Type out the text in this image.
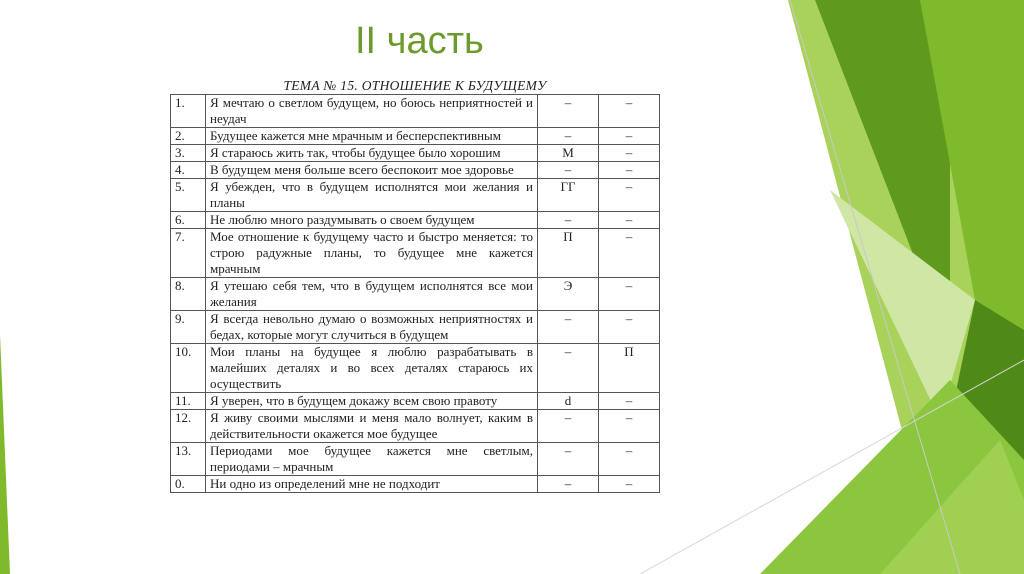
II часть
ТЕМА № 15. ОТНОШЕНИЕ К БУДУЩЕМУ
1.	Я мечтаю о светлом будущем, но боюсь неприятностей и неудач	–	–
2.	Будущее кажется мне мрачным и бесперспективным	–	–
3.	Я стараюсь жить так, чтобы будущее было хорошим	М	–
4.	В будущем меня больше всего беспокоит мое здоровье	–	–
5.	Я убежден, что в будущем исполнятся мои желания и планы	ГГ	–
6.	Не люблю много раздумывать о своем будущем	–	–
7.	Мое отношение к будущему часто и быстро меняется: то строю радужные планы, то будущее мне кажется мрачным	П	–
8.	Я утешаю себя тем, что в будущем исполнятся все мои желания	Э	–
9.	Я всегда невольно думаю о возможных неприятностях и бедах, которые могут случиться в будущем	–	–
10.	Мои планы на будущее я люблю разрабатывать в малейших деталях и во всех деталях стараюсь их осуществить	–	П
11.	Я уверен, что в будущем докажу всем свою правоту	d	–
12.	Я живу своими мыслями и меня мало волнует, каким в действительности окажется мое будущее	–	–
13.	Периодами мое будущее кажется мне светлым, периодами – мрачным	–	–
0.	Ни одно из определений мне не подходит	–	–
